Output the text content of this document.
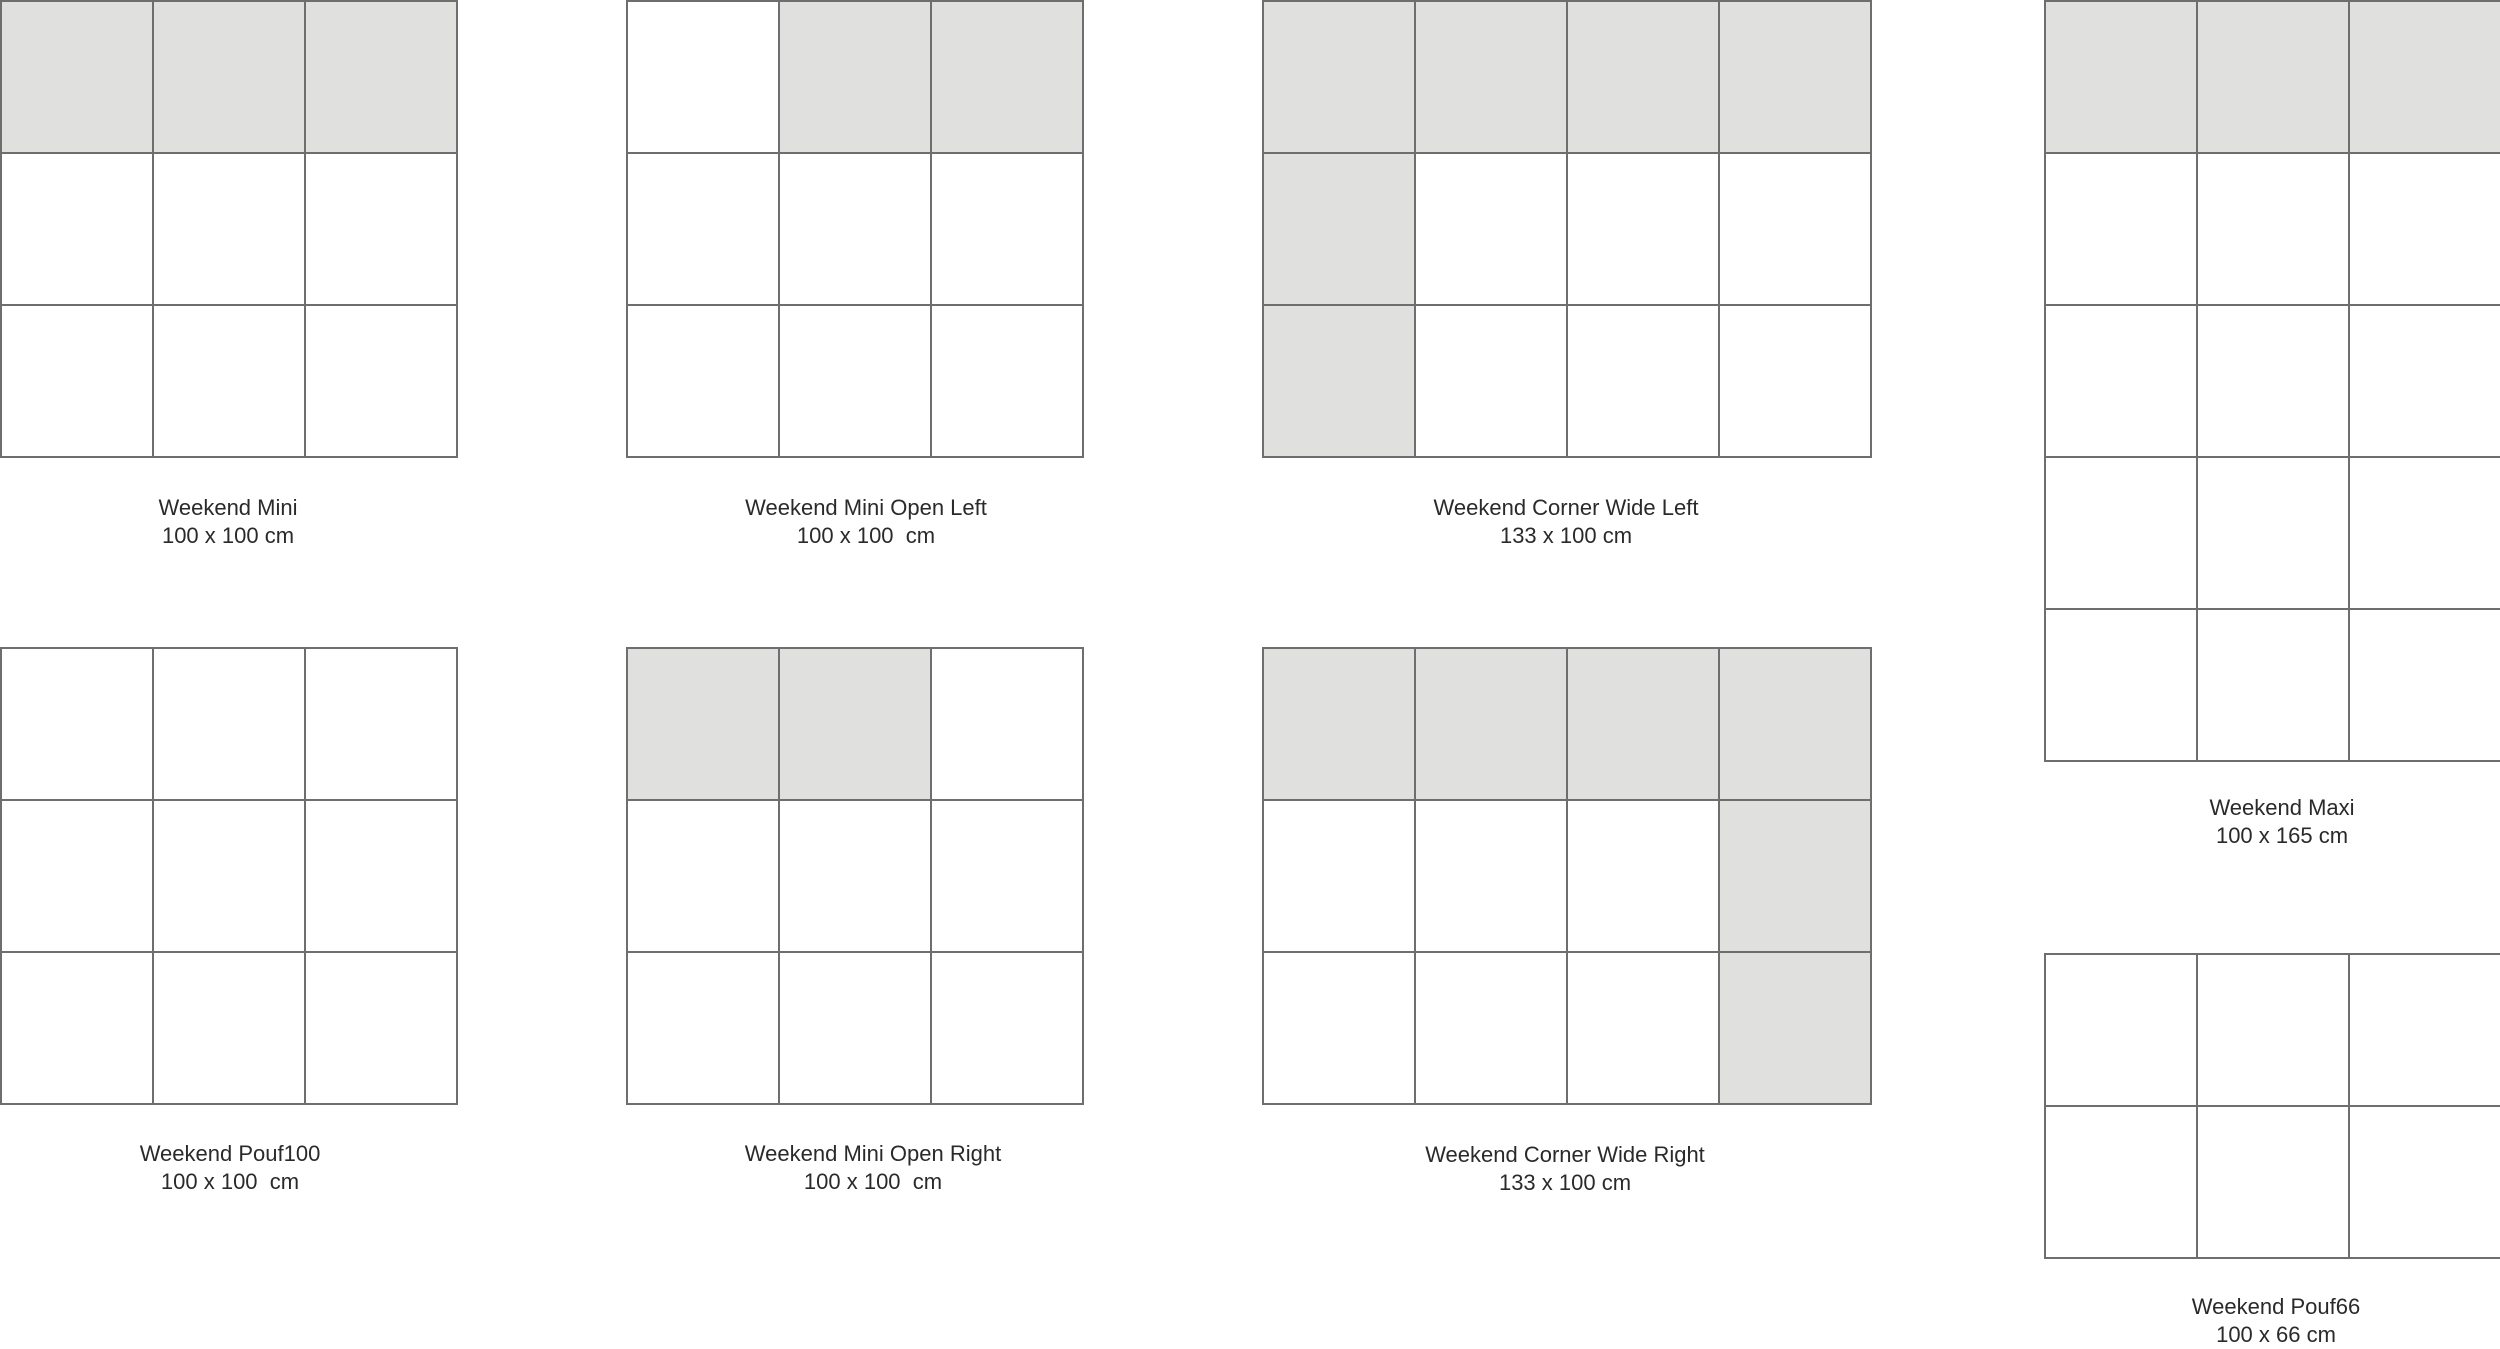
Weekend Mini
100 x 100 cm
Weekend Mini Open Left
100 x 100  cm
Weekend Corner Wide Left
133 x 100 cm
Weekend Maxi
100 x 165 cm
Weekend Pouf100
100 x 100  cm
Weekend Mini Open Right
100 x 100  cm
Weekend Corner Wide Right
133 x 100 cm
Weekend Pouf66
100 x 66 cm
